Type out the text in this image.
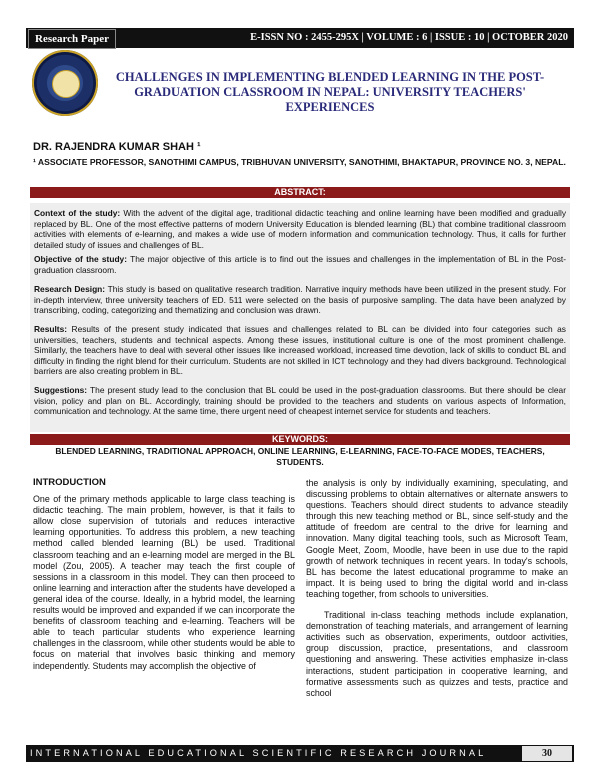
Research Paper	E-ISSN NO : 2455-295X | VOLUME : 6 | ISSUE : 10 | OCTOBER 2020
CHALLENGES IN IMPLEMENTING BLENDED LEARNING IN THE POST-GRADUATION CLASSROOM IN NEPAL: UNIVERSITY TEACHERS' EXPERIENCES
DR. RAJENDRA KUMAR SHAH ¹
¹ ASSOCIATE PROFESSOR, SANOTHIMI CAMPUS, TRIBHUVAN UNIVERSITY, SANOTHIMI, BHAKTAPUR, PROVINCE NO. 3, NEPAL.
ABSTRACT:
Context of the study: With the advent of the digital age, traditional didactic teaching and online learning have been modified and gradually replaced by BL. One of the most effective patterns of modern University Education is blended learning (BL) that combine traditional classroom activities with elements of e-learning, and makes a wide use of modern information and communication technology. Thus, it calls for further detailed study of issues and challenges of BL.
Objective of the study: The major objective of this article is to find out the issues and challenges in the implementation of BL in the Post-graduation classroom.
Research Design: This study is based on qualitative research tradition. Narrative inquiry methods have been utilized in the present study. For in-depth interview, three university teachers of ED. 511 were selected on the basis of purposive sampling. The data have been analyzed by transcribing, coding, categorizing and thematizing and conclusion was drawn.
Results: Results of the present study indicated that issues and challenges related to BL can be divided into four categories such as universities, teachers, students and technical aspects. Among these issues, institutional culture is one of the most prominent challenge. Similarly, the teachers have to deal with several other issues like increased workload, increased time devotion, lack of skills to conduct BL and difficulty in finding the right blend for their curriculum. Students are not skilled in ICT technology and they had divers background. Technological barriers are also creating problem in BL.
Suggestions: The present study lead to the conclusion that BL could be used in the post-graduation classrooms. But there should be clear vision, policy and plan on BL. Accordingly, training should be provided to the teachers and students on various aspects of Information, communication and technology. At the same time, there urgent need of cheapest internet service for students and teachers.
KEYWORDS:
BLENDED LEARNING, TRADITIONAL APPROACH, ONLINE LEARNING, E-LEARNING, FACE-TO-FACE MODES, TEACHERS, STUDENTS.
INTRODUCTION

One of the primary methods applicable to large class teaching is didactic teaching. The main problem, however, is that it fails to allow close supervision of tutorials and reduces interactive learning opportunities. To address this problem, a new teaching method called blended learning (BL) be used. Traditional classroom teaching and an e-learning model are merged in the BL model (Zou, 2005). A teacher may teach the first couple of sessions in a classroom in this model. They can then proceed to online learning and interaction after the students have developed a general idea of the course. Ideally, in a hybrid model, the learning results would be improved and expanded if we can incorporate the benefits of classroom teaching and e-learning. Teachers will be able to teach particular students who experience learning challenges in the classroom, while other students would be able to focus on material that involves basic thinking and memory independently. Students may accomplish the objective of

the analysis is only by individually examining, speculating, and discussing problems to obtain alternatives or alternate answers to questions. Teachers should direct students to advance steadily through this new teaching method or BL, since self-study and the attitude of freedom are central to the drive for learning and innovation. Many digital teaching tools, such as Microsoft Team, Google Meet, Zoom, Moodle, have been in use due to the rapid growth of network techniques in recent years. In today's schools, BL has become the latest educational programme to make an impact. It is being used to bring the digital world and in-class teaching together, from schools to universities.

Traditional in-class teaching methods include explanation, demonstration of teaching materials, and arrangement of learning activities such as observation, experiments, outdoor activities, group discussion, practice, presentations, and classroom questioning and answering. These activities emphasize in-class interactions, student participation in cooperative learning, and formative assessments such as quizzes and tests, practice and school

INTERNATIONAL EDUCATIONAL SCIENTIFIC RESEARCH JOURNAL	30
